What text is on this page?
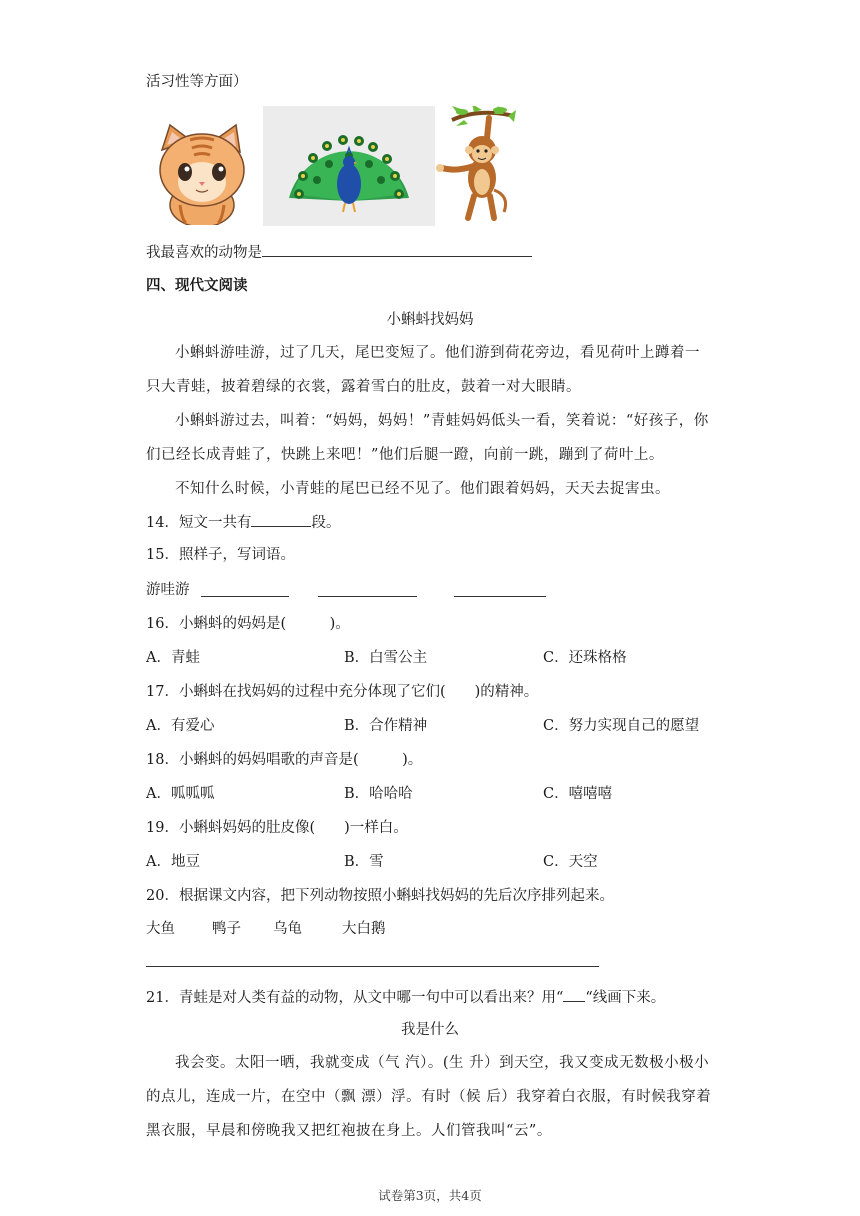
活习性等方面）
我最喜欢的动物是
四、现代文阅读
小蝌蚪找妈妈
小蝌蚪游哇游，过了几天，尾巴变短了。他们游到荷花旁边，看见荷叶上蹲着一只大青蛙，披着碧绿的衣裳，露着雪白的肚皮，鼓着一对大眼睛。
小蝌蚪游过去，叫着：“妈妈，妈妈！”青蛙妈妈低头一看，笑着说：“好孩子，你们已经长成青蛙了，快跳上来吧！”他们后腿一蹬，向前一跳，蹦到了荷叶上。
不知什么时候，小青蛙的尾巴已经不见了。他们跟着妈妈，天天去捉害虫。
14．短文一共有	段。
15．照样子，写词语。
游哇游
16．小蝌蚪的妈妈是(　　　)。
A．青蛙	B．白雪公主	C．还珠格格
17．小蝌蚪在找妈妈的过程中充分体现了它们(　　)的精神。
A．有爱心	B．合作精神	C．努力实现自己的愿望
18．小蝌蚪的妈妈唱歌的声音是(　　　)。
A．呱呱呱	B．哈哈哈	C．嘻嘻嘻
19．小蝌蚪妈妈的肚皮像(　　)一样白。
A．地豆	B．雪	C．天空
20．根据课文内容，把下列动物按照小蝌蚪找妈妈的先后次序排列起来。
大鱼	鸭子 乌龟	大白鹅
21．青蛙是对人类有益的动物，从文中哪一句中可以看出来？用“ “线画下来。
我是什么
我会变。太阳一晒，我就变成（气 汽）。(生 升）到天空，我又变成无数极小极小的点儿，连成一片，在空中（飘 漂）浮。有时（候 后）我穿着白衣服，有时候我穿着黑衣服，早晨和傍晚我又把红袍披在身上。人们管我叫“云”。
试卷第3页，共4页
